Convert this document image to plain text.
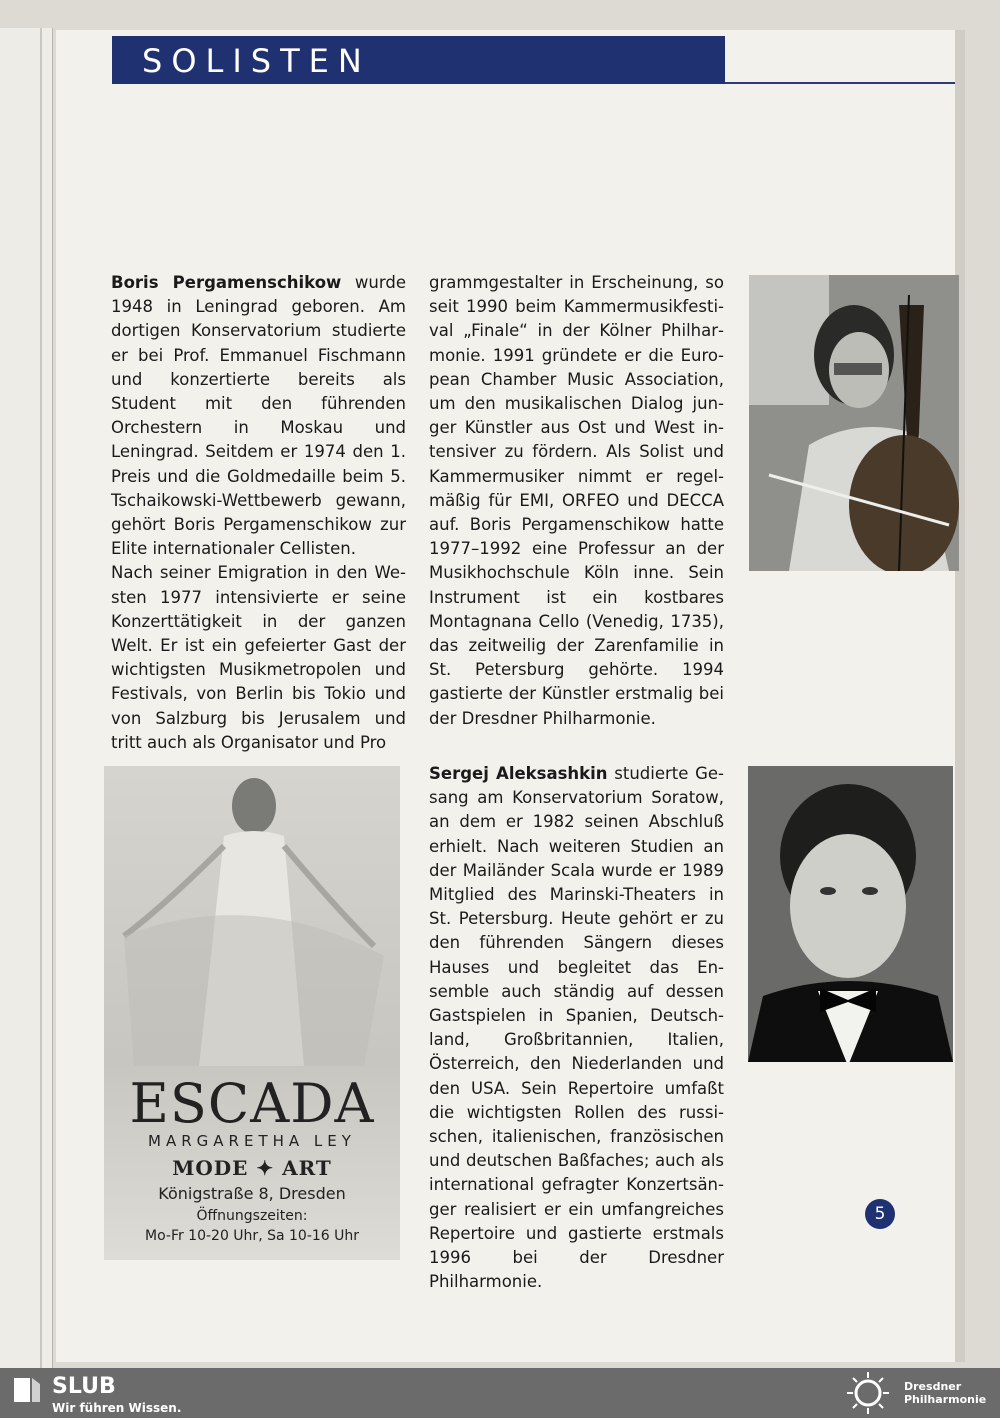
SOLISTEN

Boris Pergamenschikow wurde 1948 in Leningrad geboren. Am dortigen Konservatorium studierte er bei Prof. Emmanuel Fischmann und konzertierte bereits als Student mit den führenden Orchestern in Moskau und Leningrad. Seitdem er 1974 den 1. Preis und die Goldmedaille beim 5. Tschaikowski-Wettbewerb gewann, gehört Boris Pergamenschikow zur Elite internationaler Cellisten.

Nach seiner Emigration in den Westen 1977 intensivierte er seine Konzerttätigkeit in der ganzen Welt. Er ist ein gefeierter Gast der wichtigsten Musikmetropolen und Festivals, von Berlin bis Tokio und von Salzburg bis Jerusalem und tritt auch als Organisator und Pro

grammgestalter in Erscheinung, so seit 1990 beim Kammermusikfestival „Finale“ in der Kölner Philharmonie. 1991 gründete er die European Chamber Music Association, um den musikalischen Dialog junger Künstler aus Ost und West intensiver zu fördern. Als Solist und Kammermusiker nimmt er regelmäßig für EMI, ORFEO und DECCA auf. Boris Pergamenschikow hatte 1977–1992 eine Professur an der Musikhochschule Köln inne. Sein Instrument ist ein kostbares Montagnana Cello (Venedig, 1735), das zeitweilig der Zarenfamilie in St. Petersburg gehörte. 1994 gastierte der Künstler erstmalig bei der Dresdner Philharmonie.

Sergej Aleksashkin studierte Gesang am Konservatorium Soratow, an dem er 1982 seinen Abschluß erhielt. Nach weiteren Studien an der Mailänder Scala wurde er 1989 Mitglied des Marinski-Theaters in St. Petersburg. Heute gehört er zu den führenden Sängern dieses Hauses und begleitet das Ensemble auch ständig auf dessen Gastspielen in Spanien, Deutschland, Großbritannien, Italien, Österreich, den Niederlanden und den USA. Sein Repertoire umfaßt die wichtigsten Rollen des russischen, italienischen, französischen und deutschen Baßfaches; auch als international gefragter Konzertsänger realisiert er ein umfangreiches Repertoire und gastierte erstmals 1996 bei der Dresdner Philharmonie.

ESCADA
MARGARETHA LEY
MODE ✦ ART
Königstraße 8, Dresden
Öffnungszeiten:
Mo-Fr 10-20 Uhr, Sa 10-16 Uhr
5
SLUB
Wir führen Wissen.
Dresdner
Philharmonie
